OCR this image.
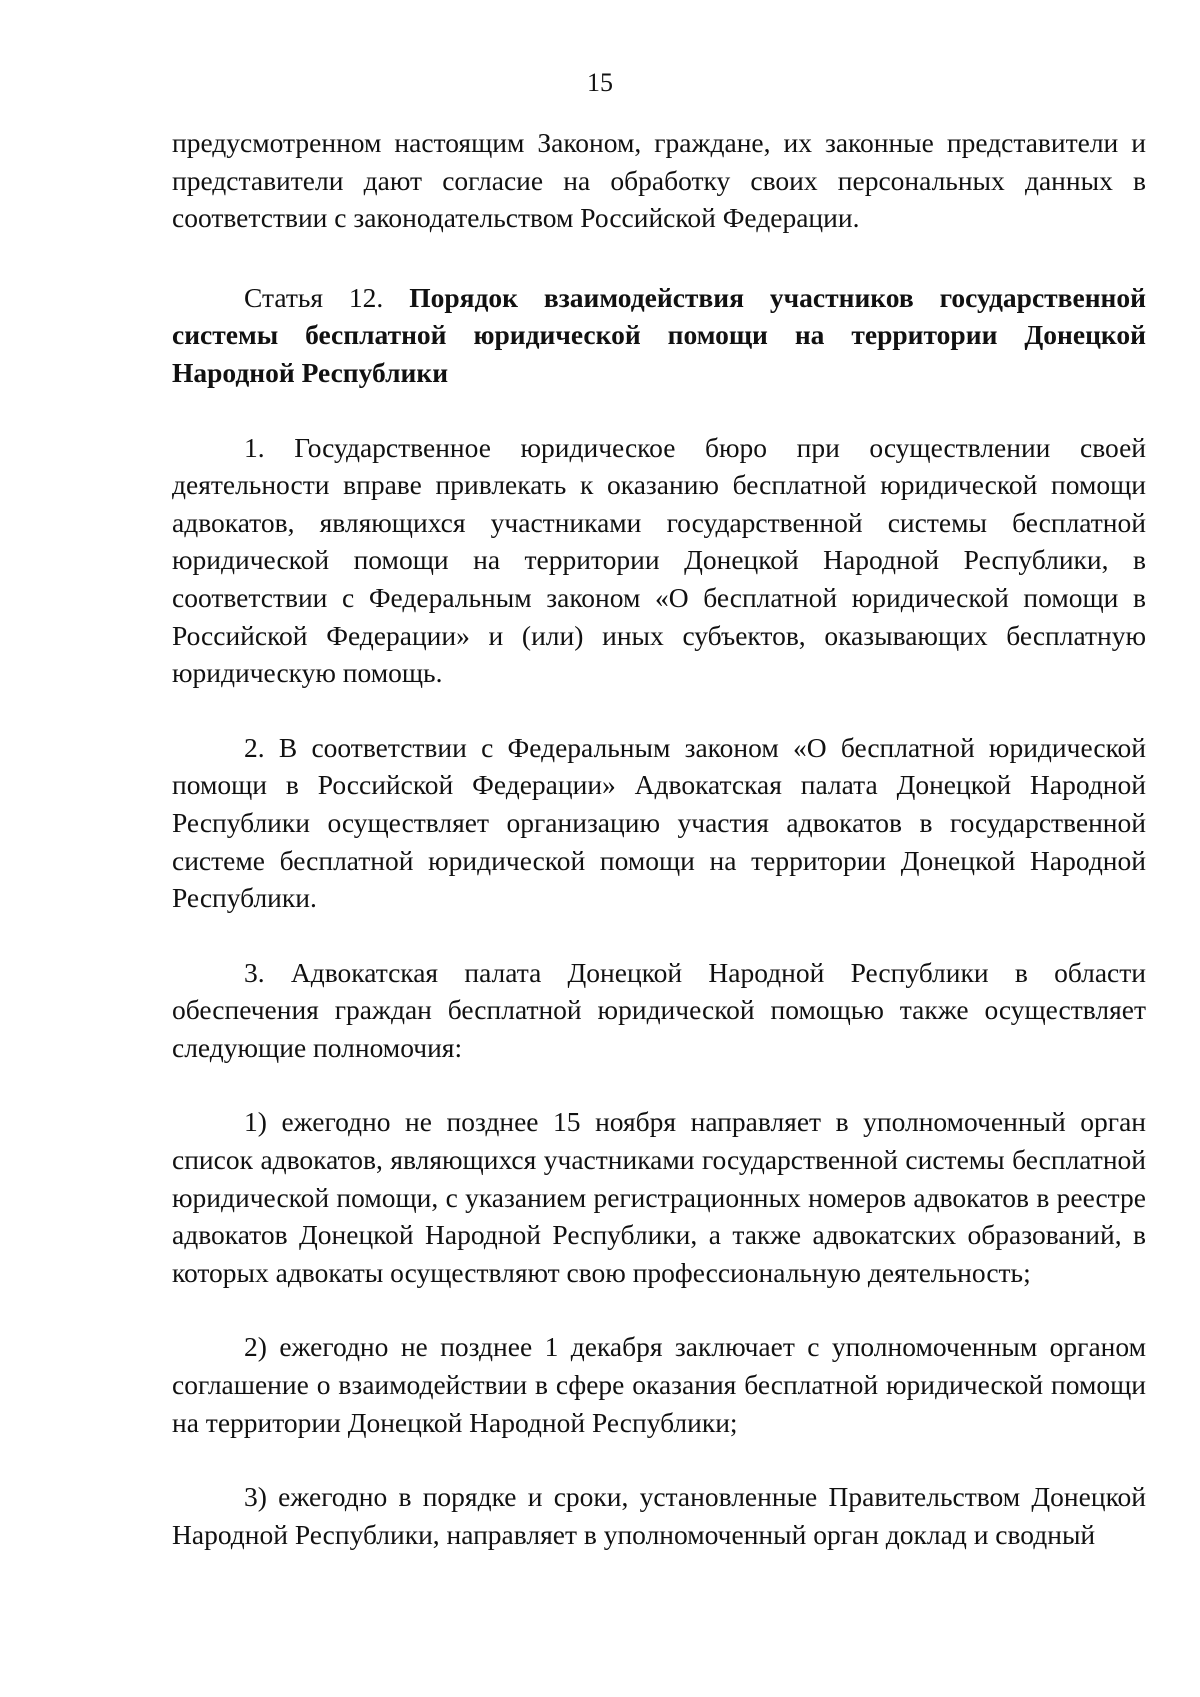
15

предусмотренном настоящим Законом, граждане, их законные представители и представители дают согласие на обработку своих персональных данных в соответствии с законодательством Российской Федерации.

Статья 12. Порядок взаимодействия участников государственной системы бесплатной юридической помощи на территории Донецкой Народной Республики

1. Государственное юридическое бюро при осуществлении своей деятельности вправе привлекать к оказанию бесплатной юридической помощи адвокатов, являющихся участниками государственной системы бесплатной юридической помощи на территории Донецкой Народной Республики, в соответствии с Федеральным законом «О бесплатной юридической помощи в Российской Федерации» и (или) иных субъектов, оказывающих бесплатную юридическую помощь.

2. В соответствии с Федеральным законом «О бесплатной юридической помощи в Российской Федерации» Адвокатская палата Донецкой Народной Республики осуществляет организацию участия адвокатов в государственной системе бесплатной юридической помощи на территории Донецкой Народной Республики.

3. Адвокатская палата Донецкой Народной Республики в области обеспечения граждан бесплатной юридической помощью также осуществляет следующие полномочия:

1) ежегодно не позднее 15 ноября направляет в уполномоченный орган список адвокатов, являющихся участниками государственной системы бесплатной юридической помощи, с указанием регистрационных номеров адвокатов в реестре адвокатов Донецкой Народной Республики, а также адвокатских образований, в которых адвокаты осуществляют свою профессиональную деятельность;

2) ежегодно не позднее 1 декабря заключает с уполномоченным органом соглашение о взаимодействии в сфере оказания бесплатной юридической помощи на территории Донецкой Народной Республики;

3) ежегодно в порядке и сроки, установленные Правительством Донецкой Народной Республики, направляет в уполномоченный орган доклад и сводный
